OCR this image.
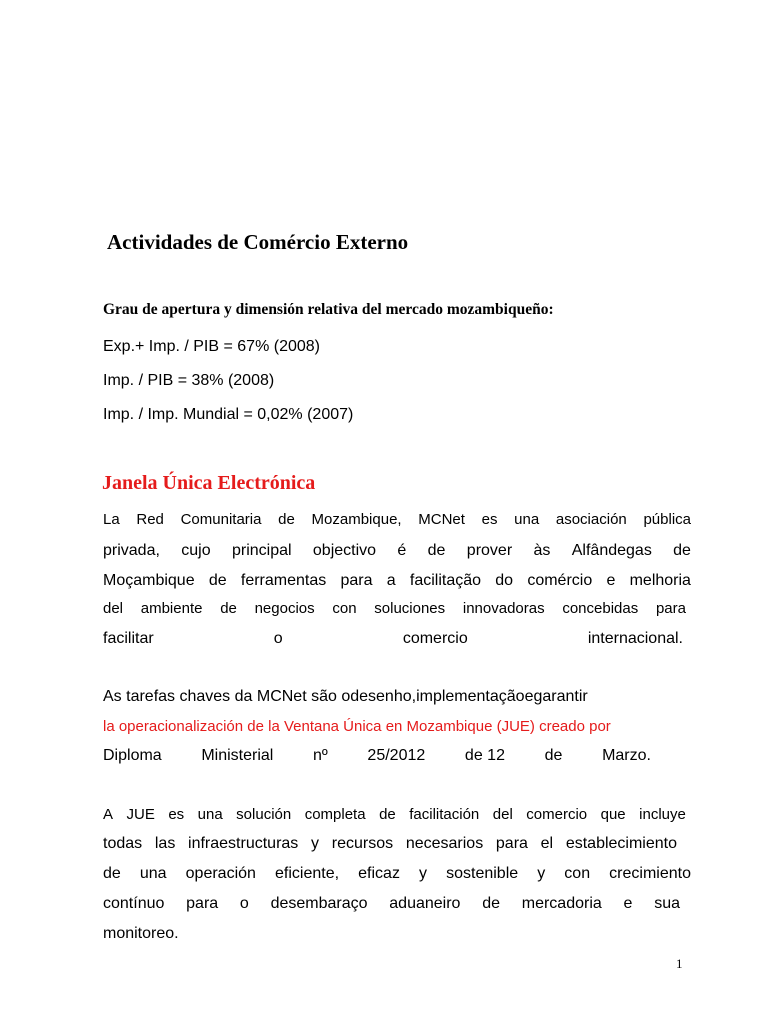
Actividades de Comércio Externo
Grau de apertura y dimensión relativa del mercado mozambiqueño:
Exp.+ Imp. / PIB = 67% (2008)
Imp. / PIB = 38% (2008)
Imp. / Imp. Mundial = 0,02% (2007)
Janela Única Electrónica
La Red Comunitaria de Mozambique, MCNet es una asociación pública
privada, cujo principal objectivo é de prover às Alfândegas de
Moçambique de ferramentas para a facilitação do comércio e melhoria
del ambiente de negocios con soluciones innovadoras concebidas para
facilitar	o	comercio	internacional.
As tarefas chaves da MCNet são odesenho,implementaçãoegarantir
la operacionalización de la Ventana Única en Mozambique (JUE) creado por
Diploma Ministerial nº 25/2012 de 12 de Marzo.
A JUE es una solución completa de facilitación del comercio que incluye
todas las infraestructuras y recursos necesarios para el establecimiento
de una operación eficiente, eficaz y sostenible y con crecimiento
contínuo para o desembaraço aduaneiro de mercadoria e sua
monitoreo.
1
